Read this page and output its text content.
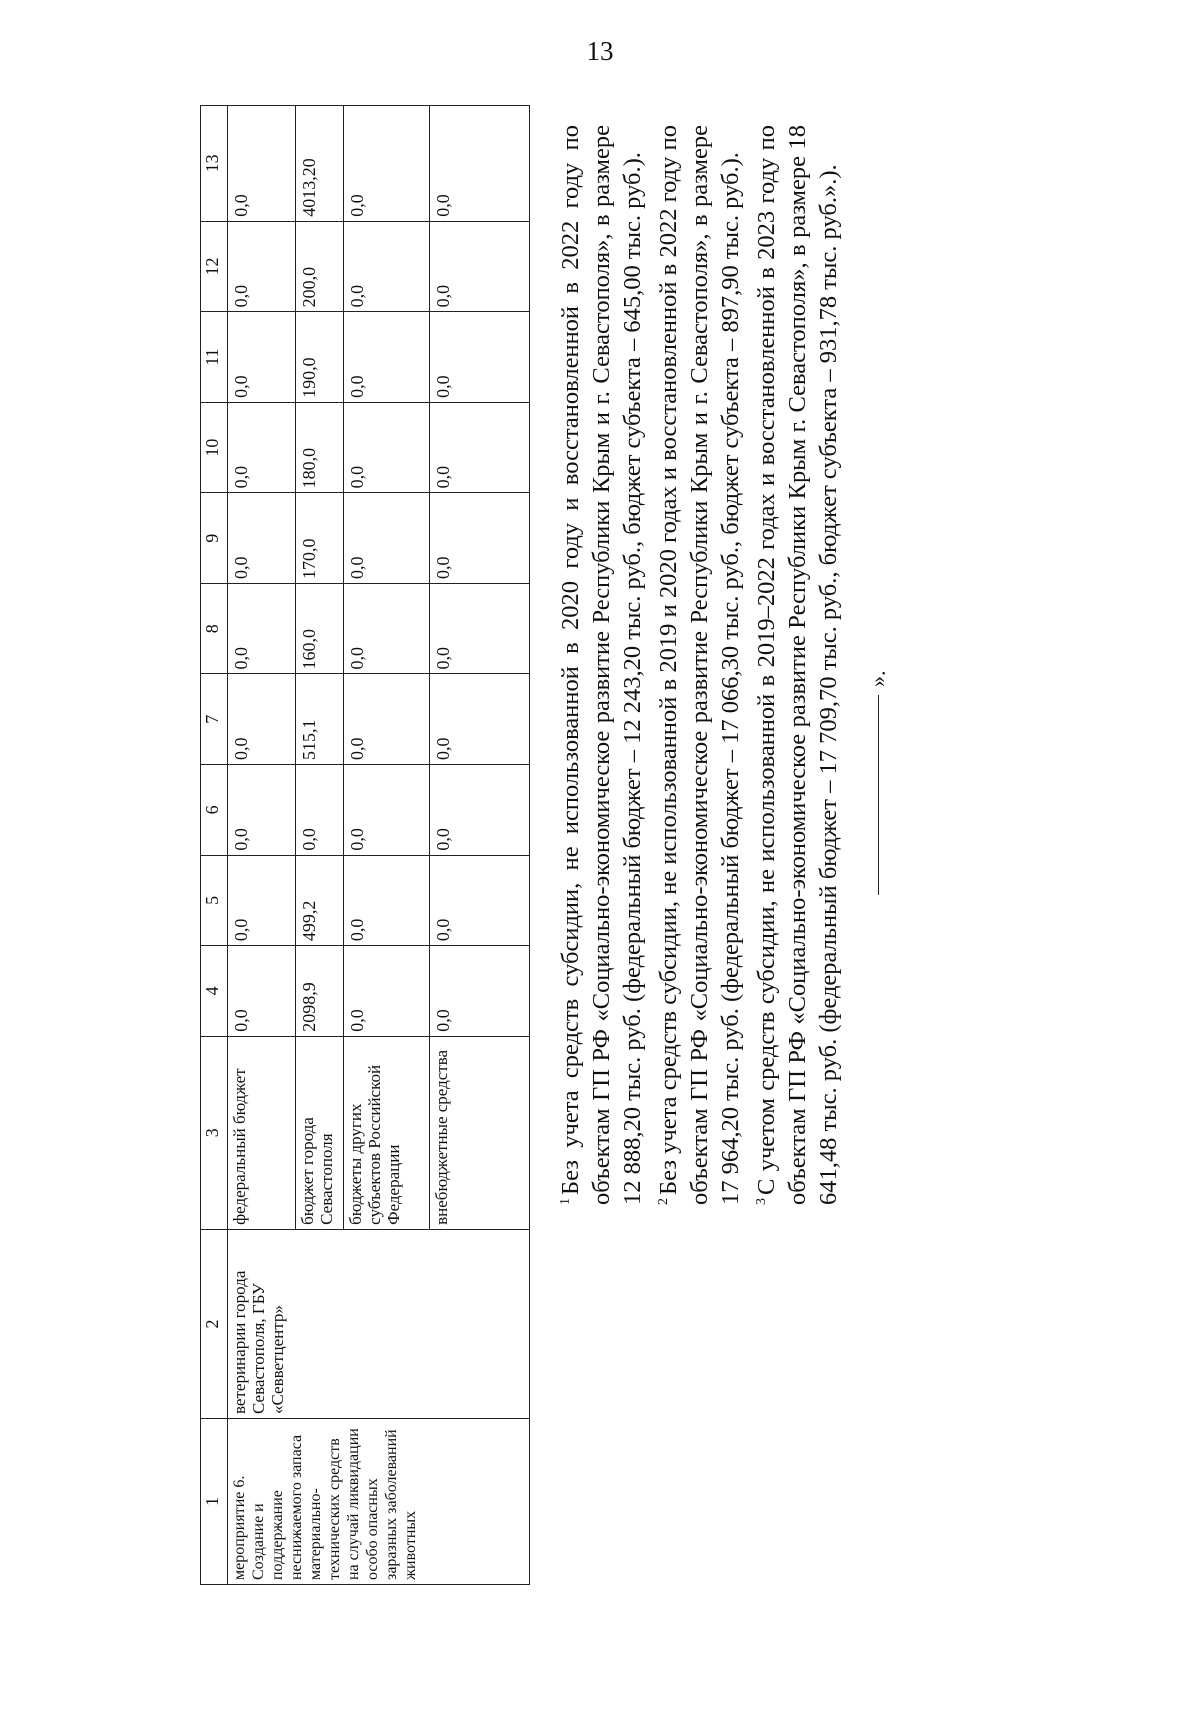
13
1	2	3	4	5	6	7	8	9	10	11	12	13
мероприятие 6. Создание и поддержание неснижаемого запаса материально-технических средств на случай ликвидации особо опасных заразных заболеваний животных	ветеринарии города Севастополя, ГБУ «Севветцентр»	федеральный бюджет	0,0	0,0	0,0	0,0	0,0	0,0	0,0	0,0	0,0	0,0
		бюджет города Севастополя	2098,9	499,2	0,0	515,1	160,0	170,0	180,0	190,0	200,0	4013,20
		бюджеты других субъектов Российской Федерации	0,0	0,0	0,0	0,0	0,0	0,0	0,0	0,0	0,0	0,0
		внебюджетные средства	0,0	0,0	0,0	0,0	0,0	0,0	0,0	0,0	0,0	0,0

$^1$Без учета средств субсидии, не использованной в 2020 году и восстановленной в 2022 году по объектам ГП РФ «Социально-экономическое развитие Республики Крым и г. Севастополя», в размере 12 888,20 тыс. руб. (федеральный бюджет – 12 243,20 тыс. руб., бюджет субъекта – 645,00 тыс. руб.). $^2$Без учета средств субсидии, не использованной в 2019 и 2020 годах и восстановленной в 2022 году по объектам ГП РФ «Социально-экономическое развитие Республики Крым и г. Севастополя», в размере 17 964,20 тыс. руб. (федеральный бюджет – 17 066,30 тыс. руб., бюджет субъекта – 897,90 тыс. руб.). $^3$С учетом средств субсидии, не использованной в 2019–2022 годах и восстановленной в 2023 году по объектам ГП РФ «Социально-экономическое развитие Республики Крым г. Севастополя», в размере 18 641,48 тыс. руб. (федеральный бюджет – 17 709,70 тыс. руб., бюджет субъекта – 931,78 тыс. руб.».). ».
